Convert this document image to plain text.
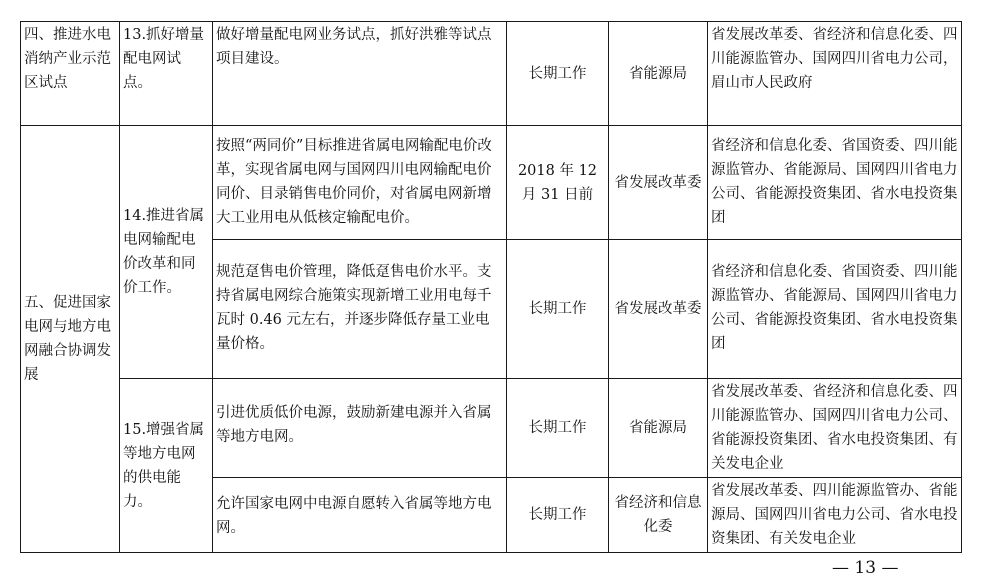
四、推进水电消纳产业示范区试点
13.抓好增量配电网试点。
做好增量配电网业务试点，抓好洪雅等试点项目建设。
长期工作	省能源局
省发展改革委、省经济和信息化委、四川能源监管办、国网四川省电力公司，眉山市人民政府
五、促进国家电网与地方电网融合协调发展
14.推进省属电网输配电价改革和同价工作。
15.增强省属等地方电网的供电能力。
按照“两同价”目标推进省属电网输配电价改革，实现省属电网与国网四川电网输配电价同价、目录销售电价同价，对省属电网新增大工业用电从低核定输配电价。
2018 年 12 月 31 日前
省发展改革委
省经济和信息化委、省国资委、四川能源监管办、省能源局、国网四川省电力公司、省能源投资集团、省水电投资集团
规范趸售电价管理，降低趸售电价水平。支持省属电网综合施策实现新增工业用电每千瓦时 0.46 元左右，并逐步降低存量工业电量价格。
长期工作 省发展改革委
省经济和信息化委、省国资委、四川能源监管办、省能源局、国网四川省电力公司、省能源投资集团、省水电投资集团
引进优质低价电源，鼓励新建电源并入省属等地方电网。
长期工作	省能源局
省发展改革委、省经济和信息化委、四川能源监管办、国网四川省电力公司、省能源投资集团、省水电投资集团、有关发电企业
允许国家电网中电源自愿转入省属等地方电网。
长期工作
省经济和信息化委
省发展改革委、四川能源监管办、省能源局、国网四川省电力公司、省水电投资集团、有关发电企业
— 13 —
